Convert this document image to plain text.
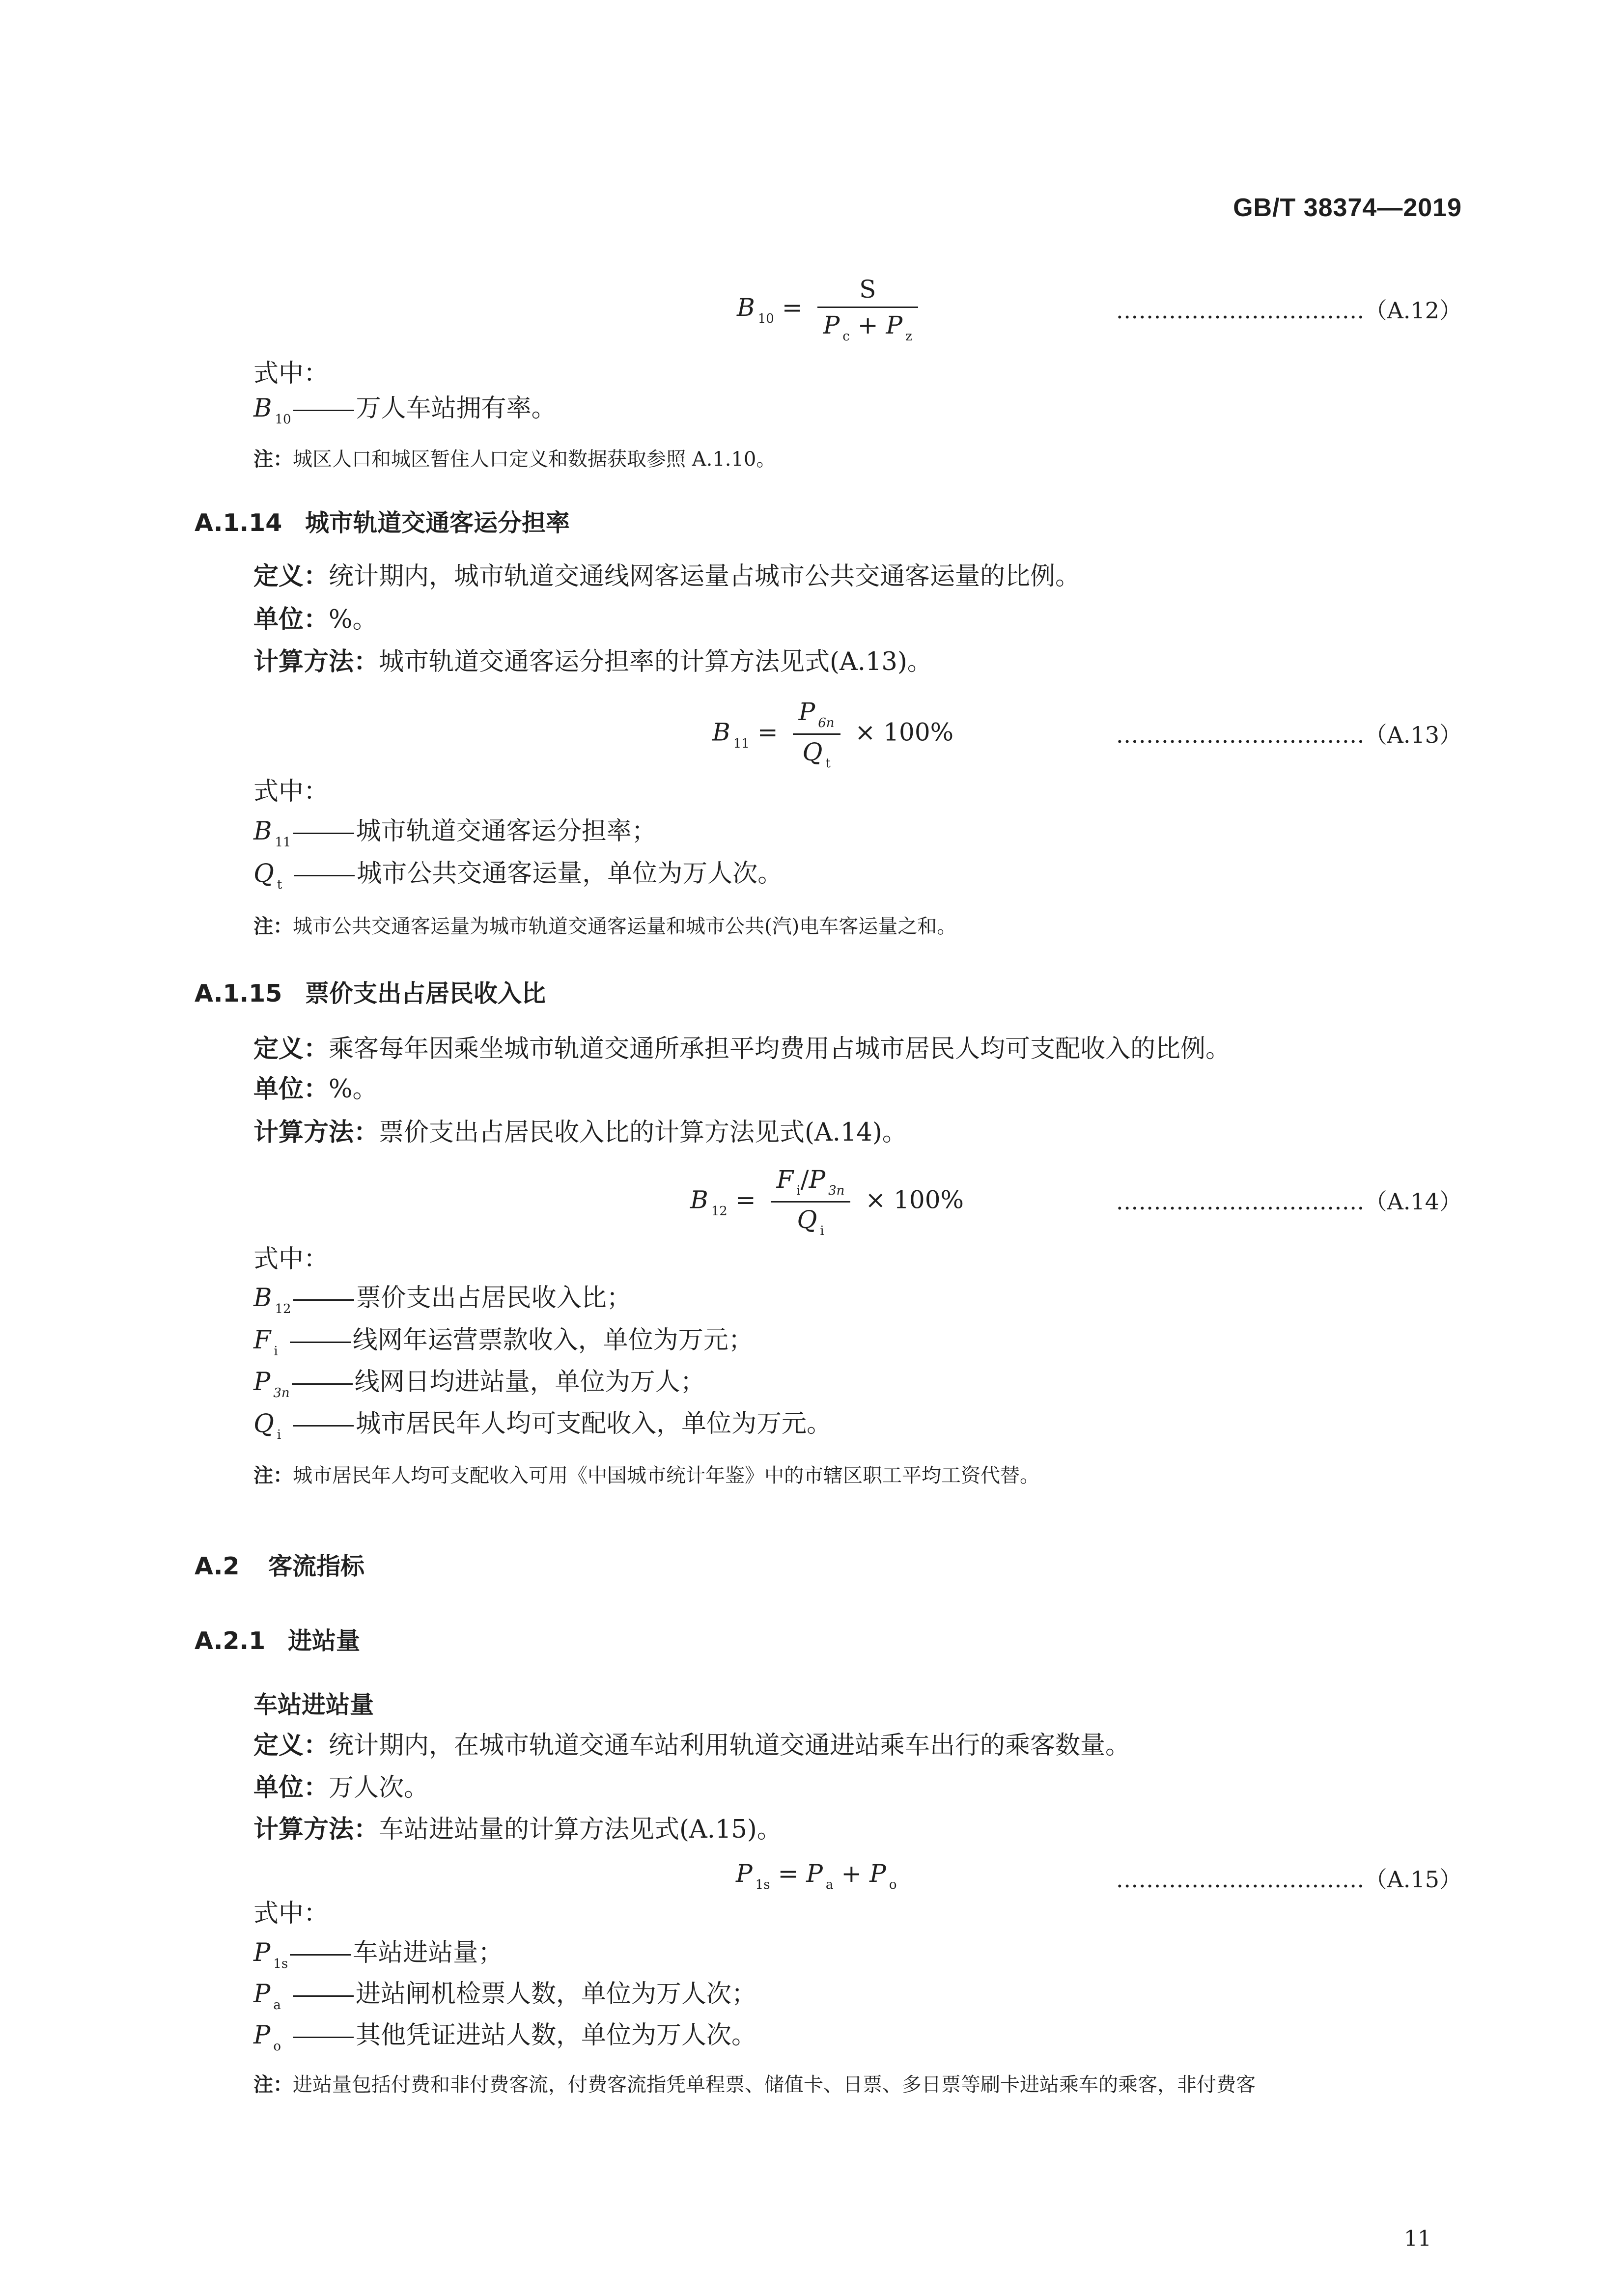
GB/T 38374—2019
B $_{10} = \frac{S}{P _c + P _z}$	……………………………（A.12）
式中：
B $_{10}$	万人车站拥有率。
注：城区人口和城区暂住人口定义和数据获取参照 A.1.10。
A.1.14 城市轨道交通客运分担率
定义：统计期内，城市轨道交通线网客运量占城市公共交通客运量的比例。
单位：%。
计算方法：城市轨道交通客运分担率的计算方法见式(A.13)。
B $_{11} = \frac{P _{6n}}{Q _t} \times 100\%$	……………………………（A.13）
式中：
B $_{11}$	城市轨道交通客运分担率；
Q $_t$	城市公共交通客运量，单位为万人次。
注：城市公共交通客运量为城市轨道交通客运量和城市公共(汽)电车客运量之和。
A.1.15 票价支出占居民收入比
定义：乘客每年因乘坐城市轨道交通所承担平均费用占城市居民人均可支配收入的比例。
单位：%。
计算方法：票价支出占居民收入比的计算方法见式(A.14)。
B $_{12} = \frac{F _i/P _{3n}}{Q _i} \times 100\%$	……………………………（A.14）
式中：
B $_{12}$	票价支出占居民收入比；
F $_i$	线网年运营票款收入，单位为万元；
P $_{3n}$	线网日均进站量，单位为万人；
Q $_i$	城市居民年人均可支配收入，单位为万元。
注：城市居民年人均可支配收入可用《中国城市统计年鉴》中的市辖区职工平均工资代替。
A.2 客流指标
A.2.1 进站量
车站进站量
定义：统计期内，在城市轨道交通车站利用轨道交通进站乘车出行的乘客数量。
单位：万人次。
计算方法：车站进站量的计算方法见式(A.15)。
P $_{1s}$ = P $_a$ + P $_o$	……………………………（A.15）
式中：
P $_{1s}$	车站进站量；
P $_a$	进站闸机检票人数，单位为万人次；
P $_o$	其他凭证进站人数，单位为万人次。
注：进站量包括付费和非付费客流，付费客流指凭单程票、储值卡、日票、多日票等刷卡进站乘车的乘客，非付费客
11
